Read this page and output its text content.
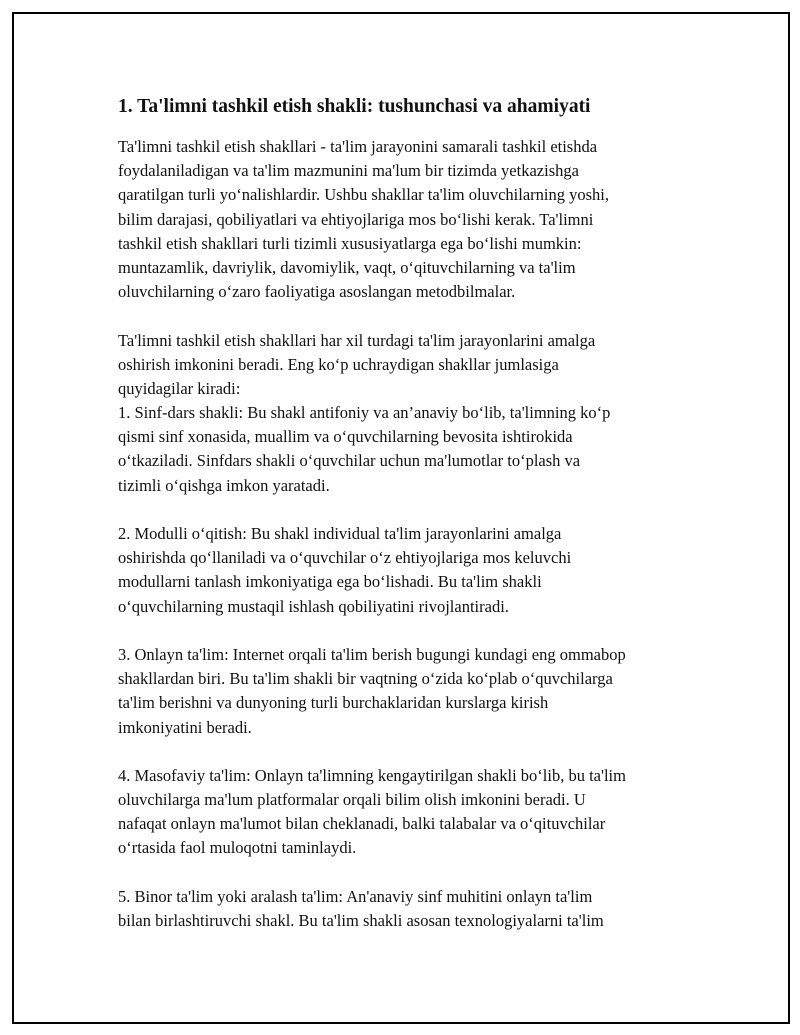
1. Ta'limni tashkil etish shakli: tushunchasi va ahamiyati
Ta'limni tashkil etish shakllari - ta'lim jarayonini samarali tashkil etishda
foydalaniladigan va ta'lim mazmunini ma'lum bir tizimda yetkazishga
qaratilgan turli yo‘nalishlardir. Ushbu shakllar ta'lim oluvchilarning yoshi,
bilim darajasi, qobiliyatlari va ehtiyojlariga mos bo‘lishi kerak. Ta'limni
tashkil etish shakllari turli tizimli xususiyatlarga ega bo‘lishi mumkin:
muntazamlik, davriylik, davomiylik, vaqt, o‘qituvchilarning va ta'lim
oluvchilarning o‘zaro faoliyatiga asoslangan metodbilmalar.
Ta'limni tashkil etish shakllari har xil turdagi ta'lim jarayonlarini amalga
oshirish imkonini beradi. Eng ko‘p uchraydigan shakllar jumlasiga
quyidagilar kiradi:
1. Sinf-dars shakli: Bu shakl antifoniy va an’anaviy bo‘lib, ta'limning ko‘p
qismi sinf xonasida, muallim va o‘quvchilarning bevosita ishtirokida
o‘tkaziladi. Sinfdars shakli o‘quvchilar uchun ma'lumotlar to‘plash va
tizimli o‘qishga imkon yaratadi.
2. Modulli o‘qitish: Bu shakl individual ta'lim jarayonlarini amalga
oshirishda qo‘llaniladi va o‘quvchilar o‘z ehtiyojlariga mos keluvchi
modullarni tanlash imkoniyatiga ega bo‘lishadi. Bu ta'lim shakli
o‘quvchilarning mustaqil ishlash qobiliyatini rivojlantiradi.
3. Onlayn ta'lim: Internet orqali ta'lim berish bugungi kundagi eng ommabop
shakllardan biri. Bu ta'lim shakli bir vaqtning o‘zida ko‘plab o‘quvchilarga
ta'lim berishni va dunyoning turli burchaklaridan kurslarga kirish
imkoniyatini beradi.
4. Masofaviy ta'lim: Onlayn ta'limning kengaytirilgan shakli bo‘lib, bu ta'lim
oluvchilarga ma'lum platformalar orqali bilim olish imkonini beradi. U
nafaqat onlayn ma'lumot bilan cheklanadi, balki talabalar va o‘qituvchilar
o‘rtasida faol muloqotni taminlaydi.
5. Binor ta'lim yoki aralash ta'lim: An'anaviy sinf muhitini onlayn ta'lim
bilan birlashtiruvchi shakl. Bu ta'lim shakli asosan texnologiyalarni ta'lim
